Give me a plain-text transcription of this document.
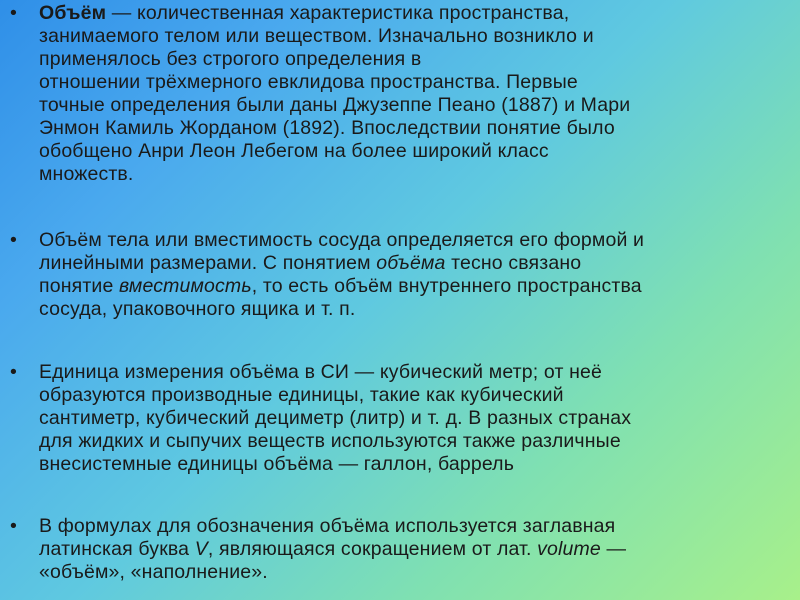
• Объём — количественная характеристика пространства,
занимаемого телом или веществом. Изначально возникло и
применялось без строгого определения в
отношении трёхмерного евклидова пространства. Первые
точные определения были даны Джузеппе Пеано (1887) и Мари
Энмон Камиль Жорданом (1892). Впоследствии понятие было
обобщено Анри Леон Лебегом на более широкий класс
множеств.
• Объём тела или вместимость сосуда определяется его формой и
линейными размерами. С понятием объёма тесно связано
понятие вместимость, то есть объём внутреннего пространства
сосуда, упаковочного ящика и т. п.
• Единица измерения объёма в СИ — кубический метр; от неё
образуются производные единицы, такие как кубический
сантиметр, кубический дециметр (литр) и т. д. В разных странах
для жидких и сыпучих веществ используются также различные
внесистемные единицы объёма — галлон, баррель
• В формулах для обозначения объёма используется заглавная
латинская буква V, являющаяся сокращением от лат. volume —
«объём», «наполнение».
